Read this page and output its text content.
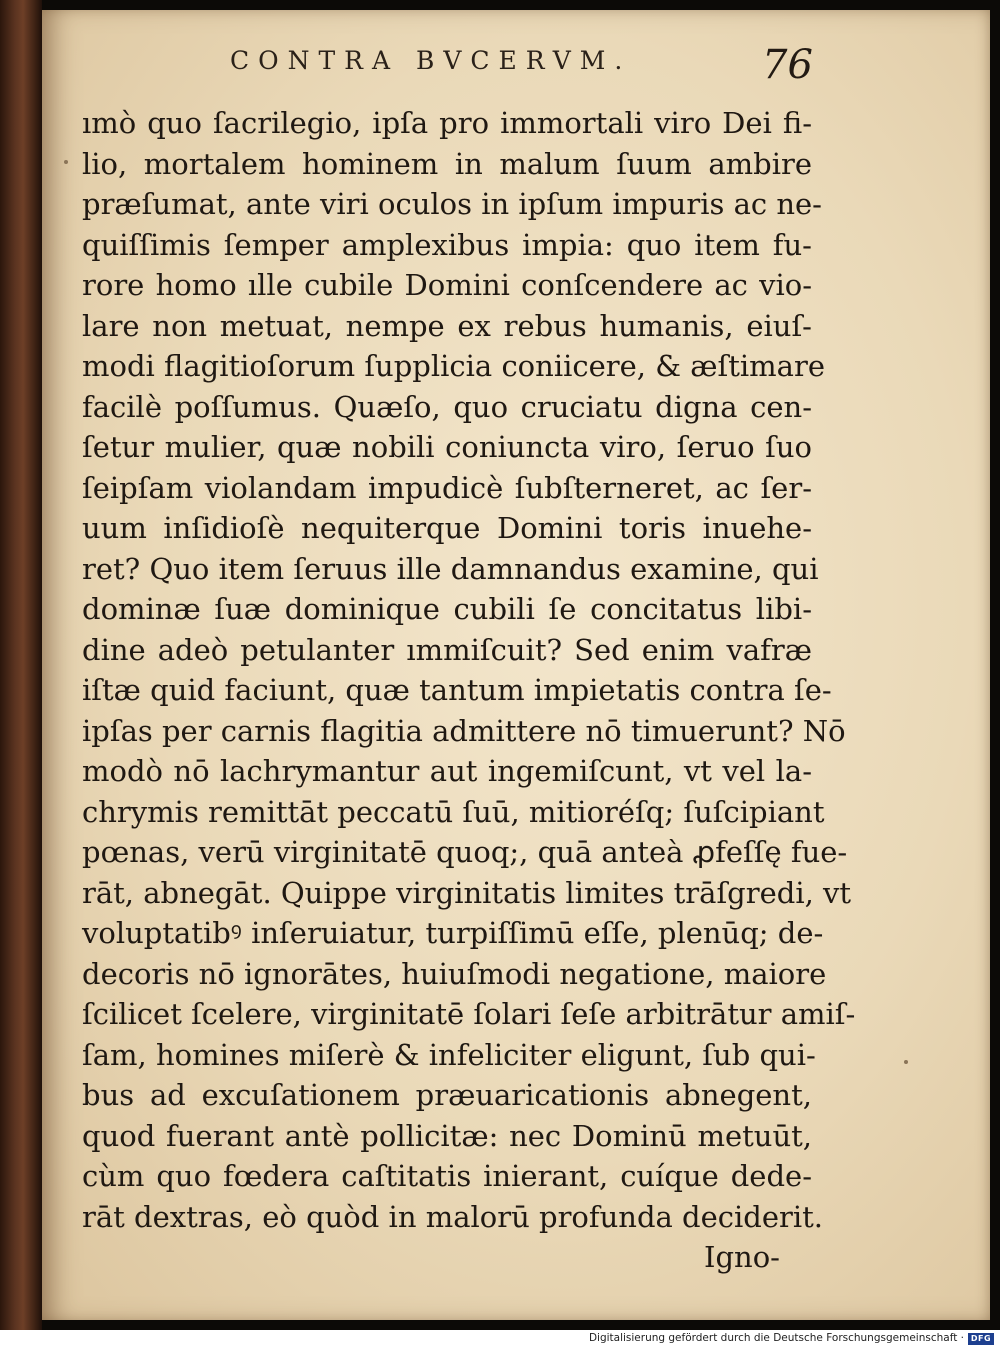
CONTRA BVCERVM.	76
ımò quo ſacrilegio, ipſa pro immortali viro Dei fi-
lio, mortalem hominem in malum ſuum ambire
præſumat, ante viri oculos in ipſum impuris ac ne-
quiſſimis ſemper amplexibus impia: quo item fu-
rore homo ılle cubile Domini conſcendere ac vio-
lare non metuat, nempe ex rebus humanis, eiuſ-
modi flagitioſorum ſupplicia coniicere, & æſtimare
facilè poſſumus. Quæſo, quo cruciatu digna cen-
ſetur mulier, quæ nobili coniuncta viro, ſeruo ſuo
ſeipſam violandam impudicè ſubſterneret, ac ſer-
uum inſidioſè nequiterque Domini toris inuehe-
ret? Quo item ſeruus ille damnandus examine, qui
dominæ ſuæ dominique cubili ſe concitatus libi-
dine adeò petulanter ımmiſcuit? Sed enim vafræ
iſtæ quid faciunt, quæ tantum impietatis contra ſe-
ipſas per carnis flagitia admittere nō timuerunt? Nō
modò nō lachrymantur aut ingemiſcunt, vt vel la-
chrymis remittāt peccatū ſuū, mitioréſq; ſuſcipiant
pœnas, verū virginitatē quoq;, quā anteà ꝓfeſſę fue-
rāt, abnegāt. Quippe virginitatis limites trāſgredi, vt
voluptatibꝰ inſeruiatur, turpiſſimū eſſe, plenūq; de-
decoris nō ignorātes, huiuſmodi negatione, maiore
ſcilicet ſcelere, virginitatē ſolari ſeſe arbitrātur amiſ-
ſam, homines miſerè & infeliciter eligunt, ſub qui-
bus ad excuſationem præuaricationis abnegent,
quod fuerant antè pollicitæ: nec Dominū metuūt,
cùm quo fœdera caſtitatis inierant, cuíque dede-
rāt dextras, eò quòd in malorū profunda deciderit.
Igno-
Digitalisierung gefördert durch die Deutsche Forschungsgemeinschaft · DFG
